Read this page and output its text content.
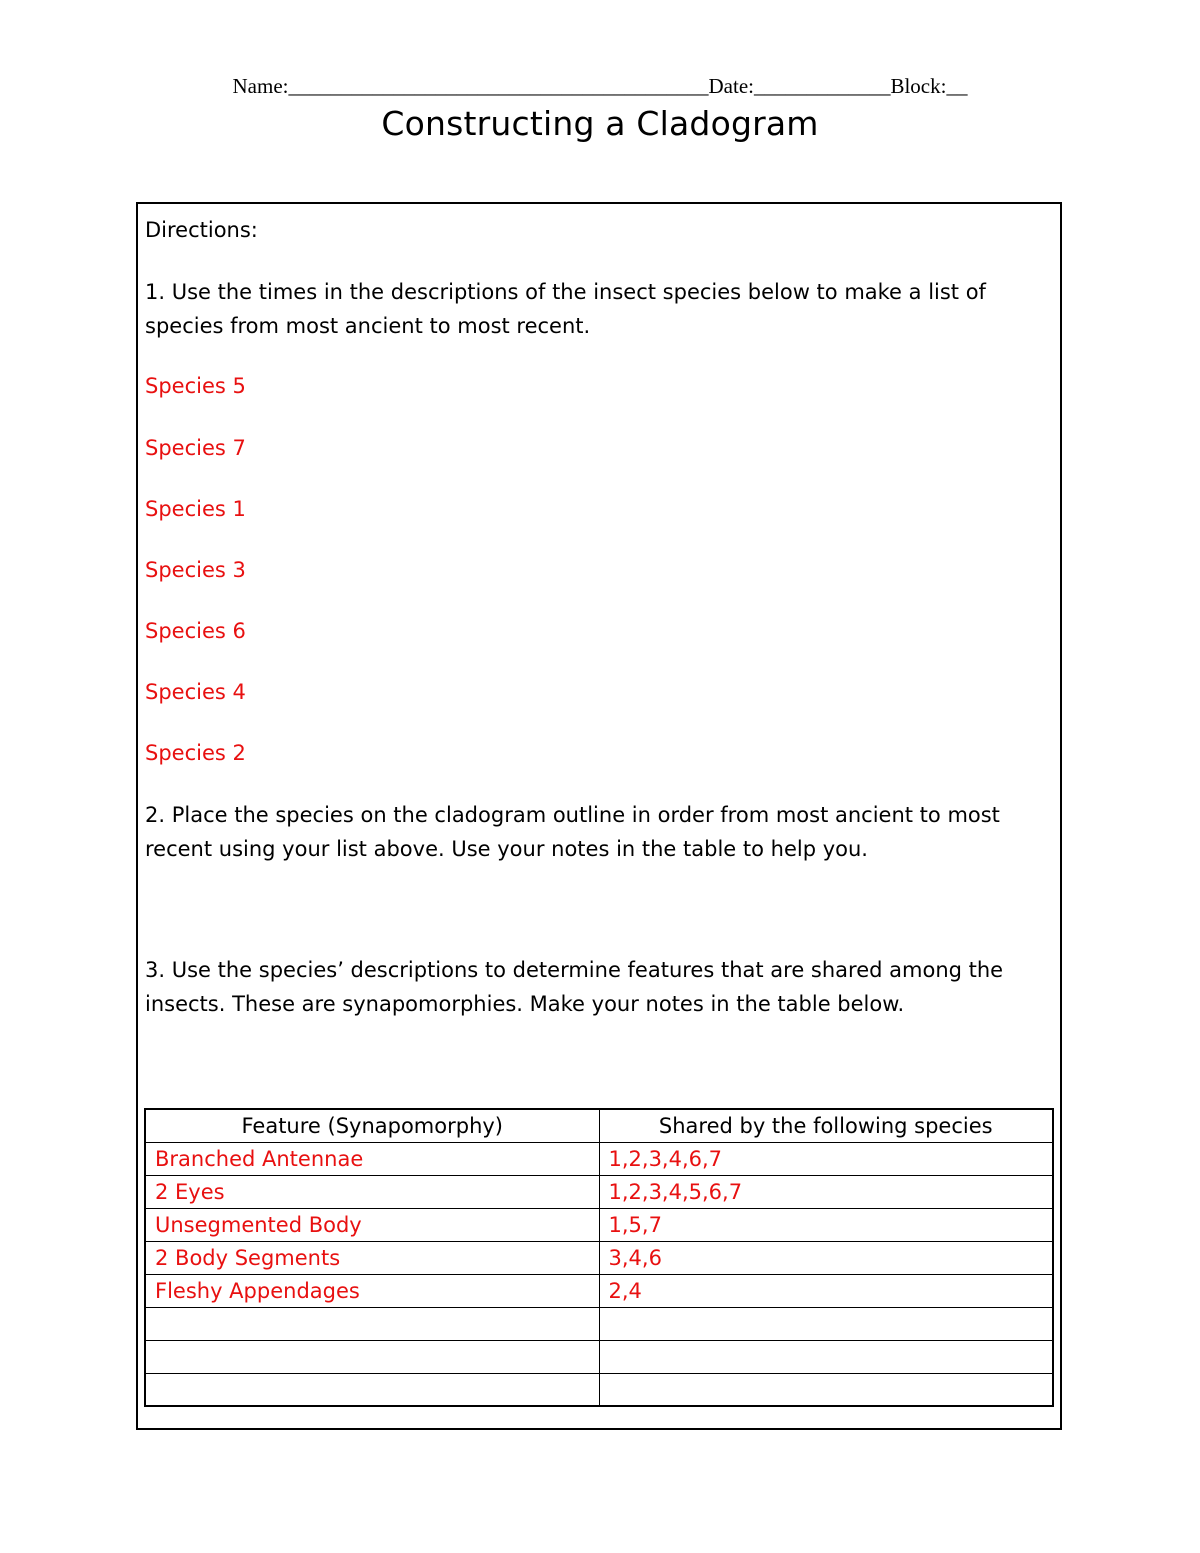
Name:________________________________________Date:_____________Block:__
Constructing a Cladogram
Directions:
1. Use the times in the descriptions of the insect species below to make a list of
species from most ancient to most recent.
Species 5
Species 7
Species 1
Species 3
Species 6
Species 4
Species 2
2. Place the species on the cladogram outline in order from most ancient to most
recent using your list above. Use your notes in the table to help you.
3. Use the species’ descriptions to determine features that are shared among the
insects. These are synapomorphies. Make your notes in the table below.
Feature (Synapomorphy)	Shared by the following species
Branched Antennae	1,2,3,4,6,7
2 Eyes	1,2,3,4,5,6,7
Unsegmented Body	1,5,7
2 Body Segments	3,4,6
Fleshy Appendages	2,4
